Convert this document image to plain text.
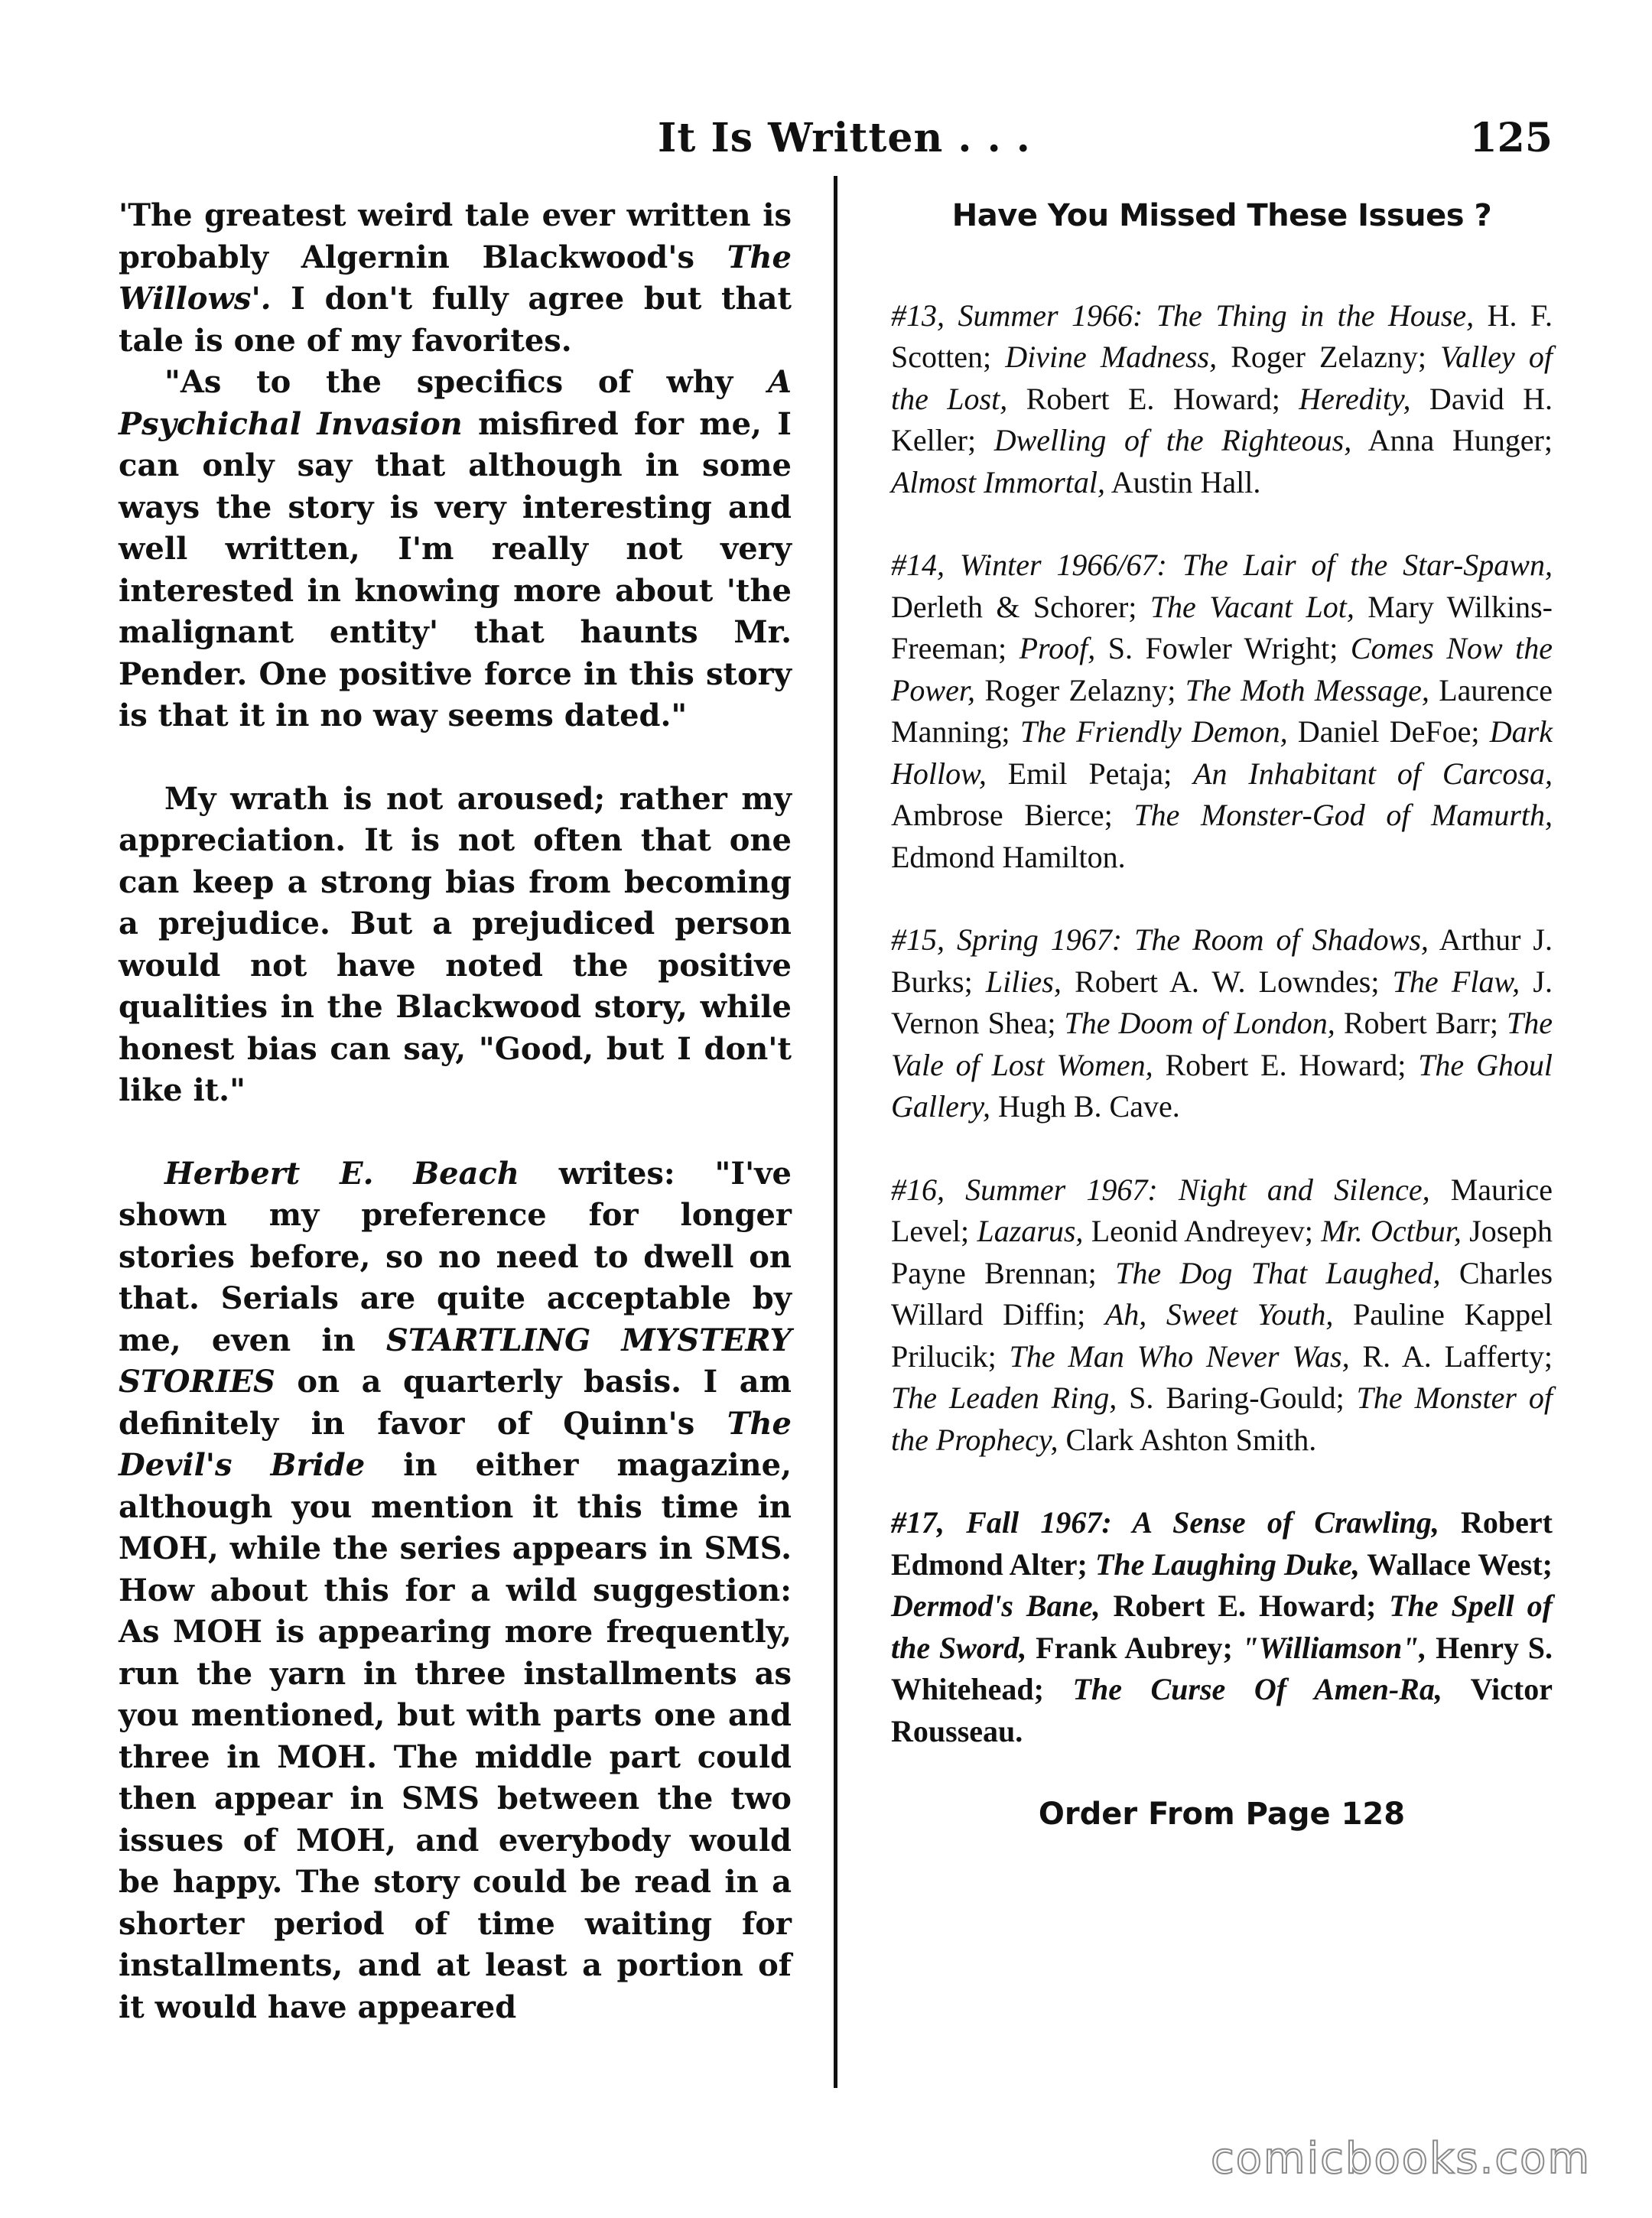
It Is Written . . .	125

'The greatest weird tale ever written is probably Algernin Blackwood's The Willows'. I don't fully agree but that tale is one of my favorites.

"As to the specifics of why A Psychichal Invasion misfired for me, I can only say that although in some ways the story is very interesting and well written, I'm really not very interested in knowing more about 'the malignant entity' that haunts Mr. Pender. One positive force in this story is that it in no way seems dated."

My wrath is not aroused; rather my appreciation. It is not often that one can keep a strong bias from becoming a prejudice. But a prejudiced person would not have noted the positive qualities in the Blackwood story, while honest bias can say, "Good, but I don't like it."

Herbert E. Beach writes: "I've shown my preference for longer stories before, so no need to dwell on that. Serials are quite acceptable by me, even in STARTLING MYSTERY STORIES on a quarterly basis. I am definitely in favor of Quinn's The Devil's Bride in either magazine, although you mention it this time in MOH, while the series appears in SMS. How about this for a wild suggestion: As MOH is appearing more frequently, run the yarn in three installments as you mentioned, but with parts one and three in MOH. The middle part could then appear in SMS between the two issues of MOH, and everybody would be happy. The story could be read in a shorter period of time waiting for installments, and at least a portion of it would have appeared

Have You Missed These Issues ?

#13, Summer 1966: The Thing in the House, H. F. Scotten; Divine Madness, Roger Zelazny; Valley of the Lost, Robert E. Howard; Heredity, David H. Keller; Dwelling of the Righteous, Anna Hunger; Almost Immortal, Austin Hall.

#14, Winter 1966/67: The Lair of the Star-Spawn, Derleth & Schorer; The Vacant Lot, Mary Wilkins-Freeman; Proof, S. Fowler Wright; Comes Now the Power, Roger Zelazny; The Moth Message, Laurence Manning; The Friendly Demon, Daniel DeFoe; Dark Hollow, Emil Petaja; An Inhabitant of Carcosa, Ambrose Bierce; The Monster-God of Mamurth, Edmond Hamilton.

#15, Spring 1967: The Room of Shadows, Arthur J. Burks; Lilies, Robert A. W. Lowndes; The Flaw, J. Vernon Shea; The Doom of London, Robert Barr; The Vale of Lost Women, Robert E. Howard; The Ghoul Gallery, Hugh B. Cave.

#16, Summer 1967: Night and Silence, Maurice Level; Lazarus, Leonid Andreyev; Mr. Octbur, Joseph Payne Brennan; The Dog That Laughed, Charles Willard Diffin; Ah, Sweet Youth, Pauline Kappel Prilucik; The Man Who Never Was, R. A. Lafferty; The Leaden Ring, S. Baring-Gould; The Monster of the Prophecy, Clark Ashton Smith.

#17, Fall 1967: A Sense of Crawling, Robert Edmond Alter; The Laughing Duke, Wallace West; Dermod's Bane, Robert E. Howard; The Spell of the Sword, Frank Aubrey; "Williamson", Henry S. Whitehead; The Curse Of Amen-Ra, Victor Rousseau.

Order From Page 128
comicbooks.com
